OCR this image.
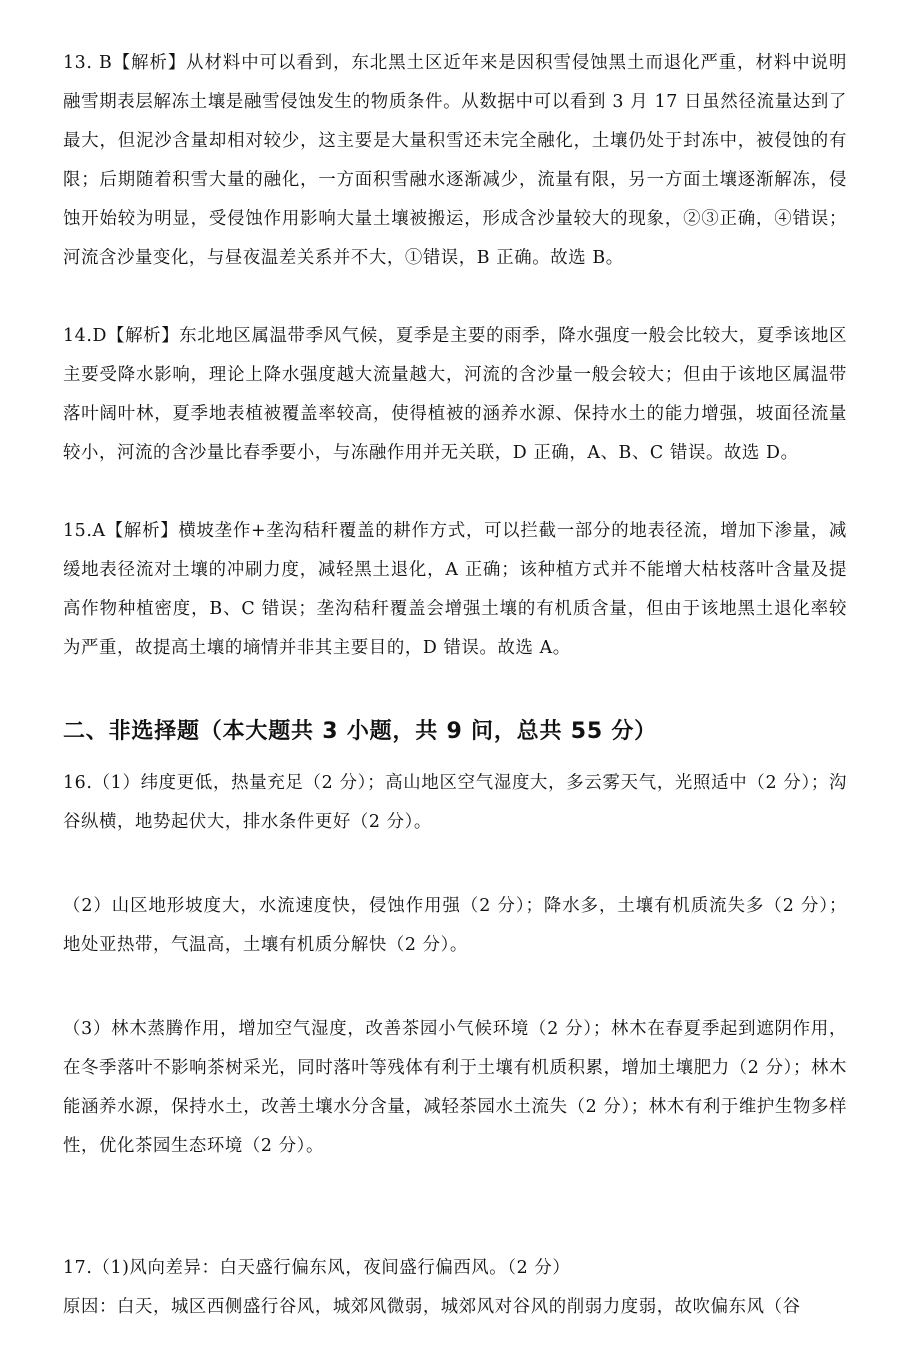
13. B【解析】从材料中可以看到，东北黑土区近年来是因积雪侵蚀黑土而退化严重，材料中说明融雪期表层解冻土壤是融雪侵蚀发生的物质条件。从数据中可以看到 3 月 17 日虽然径流量达到了最大，但泥沙含量却相对较少，这主要是大量积雪还未完全融化，土壤仍处于封冻中，被侵蚀的有限；后期随着积雪大量的融化，一方面积雪融水逐渐减少，流量有限，另一方面土壤逐渐解冻，侵蚀开始较为明显，受侵蚀作用影响大量土壤被搬运，形成含沙量较大的现象，②③正确，④错误；河流含沙量变化，与昼夜温差关系并不大，①错误，B 正确。故选 B。

14.D【解析】东北地区属温带季风气候，夏季是主要的雨季，降水强度一般会比较大，夏季该地区主要受降水影响，理论上降水强度越大流量越大，河流的含沙量一般会较大；但由于该地区属温带落叶阔叶林，夏季地表植被覆盖率较高，使得植被的涵养水源、保持水土的能力增强，坡面径流量较小，河流的含沙量比春季要小，与冻融作用并无关联，D 正确，A、B、C 错误。故选 D。

15.A【解析】横坡垄作+垄沟秸秆覆盖的耕作方式，可以拦截一部分的地表径流，增加下渗量，减缓地表径流对土壤的冲刷力度，减轻黑土退化，A 正确；该种植方式并不能增大枯枝落叶含量及提高作物种植密度，B、C 错误；垄沟秸秆覆盖会增强土壤的有机质含量，但由于该地黑土退化率较为严重，故提高土壤的墒情并非其主要目的，D 错误。故选 A。

二、非选择题（本大题共 3 小题，共 9 问，总共 55 分）

16.（1）纬度更低，热量充足（2 分）；高山地区空气湿度大，多云雾天气，光照适中（2 分）；沟谷纵横，地势起伏大，排水条件更好（2 分）。

（2）山区地形坡度大，水流速度快，侵蚀作用强（2 分）；降水多，土壤有机质流失多（2 分）；地处亚热带，气温高，土壤有机质分解快（2 分）。

（3）林木蒸腾作用，增加空气湿度，改善茶园小气候环境（2 分）；林木在春夏季起到遮阴作用，在冬季落叶不影响茶树采光，同时落叶等残体有利于土壤有机质积累，增加土壤肥力（2 分）；林木能涵养水源，保持水土，改善土壤水分含量，减轻茶园水土流失（2 分）；林木有利于维护生物多样性，优化茶园生态环境（2 分）。

17.（1)风向差异：白天盛行偏东风，夜间盛行偏西风。（2 分）

原因：白天，城区西侧盛行谷风，城郊风微弱，城郊风对谷风的削弱力度弱，故吹偏东风（谷
